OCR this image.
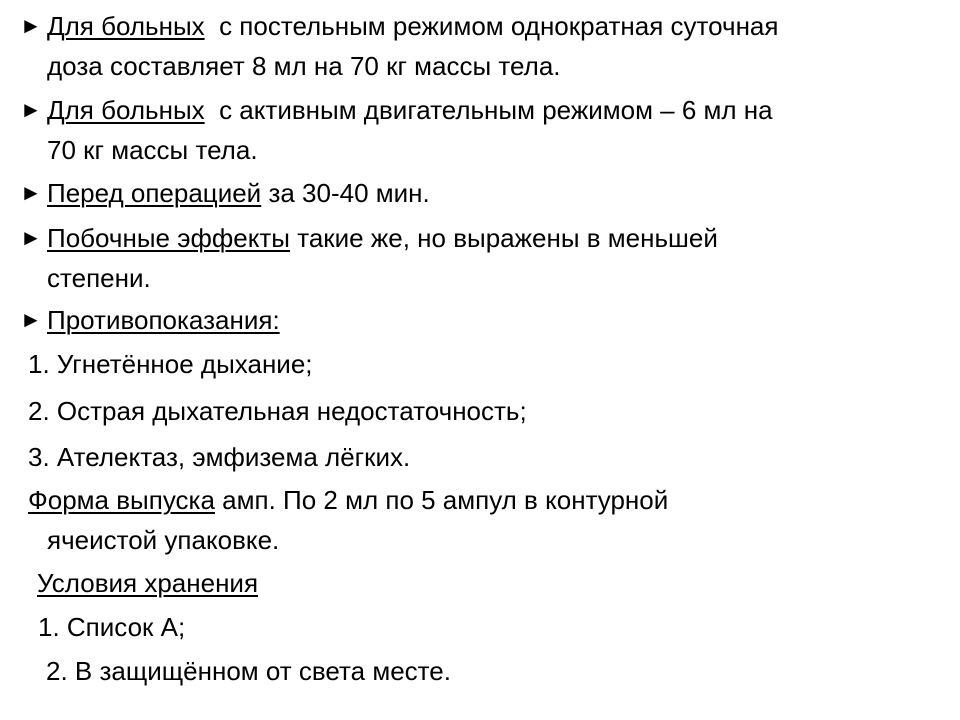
► Для больных  с постельным режимом однократная суточная
доза составляет 8 мл на 70 кг массы тела.
► Для больных  с активным двигательным режимом – 6 мл на
70 кг массы тела.
► Перед операцией за 30-40 мин.
► Побочные эффекты такие же, но выражены в меньшей
степени.
► Противопоказания:
1. Угнетённое дыхание;
2. Острая дыхательная недостаточность;
3. Ателектаз, эмфизема лёгких.
Форма выпуска амп. По 2 мл по 5 ампул в контурной
ячеистой упаковке.
Условия хранения
1. Список А;
2. В защищённом от света месте.
